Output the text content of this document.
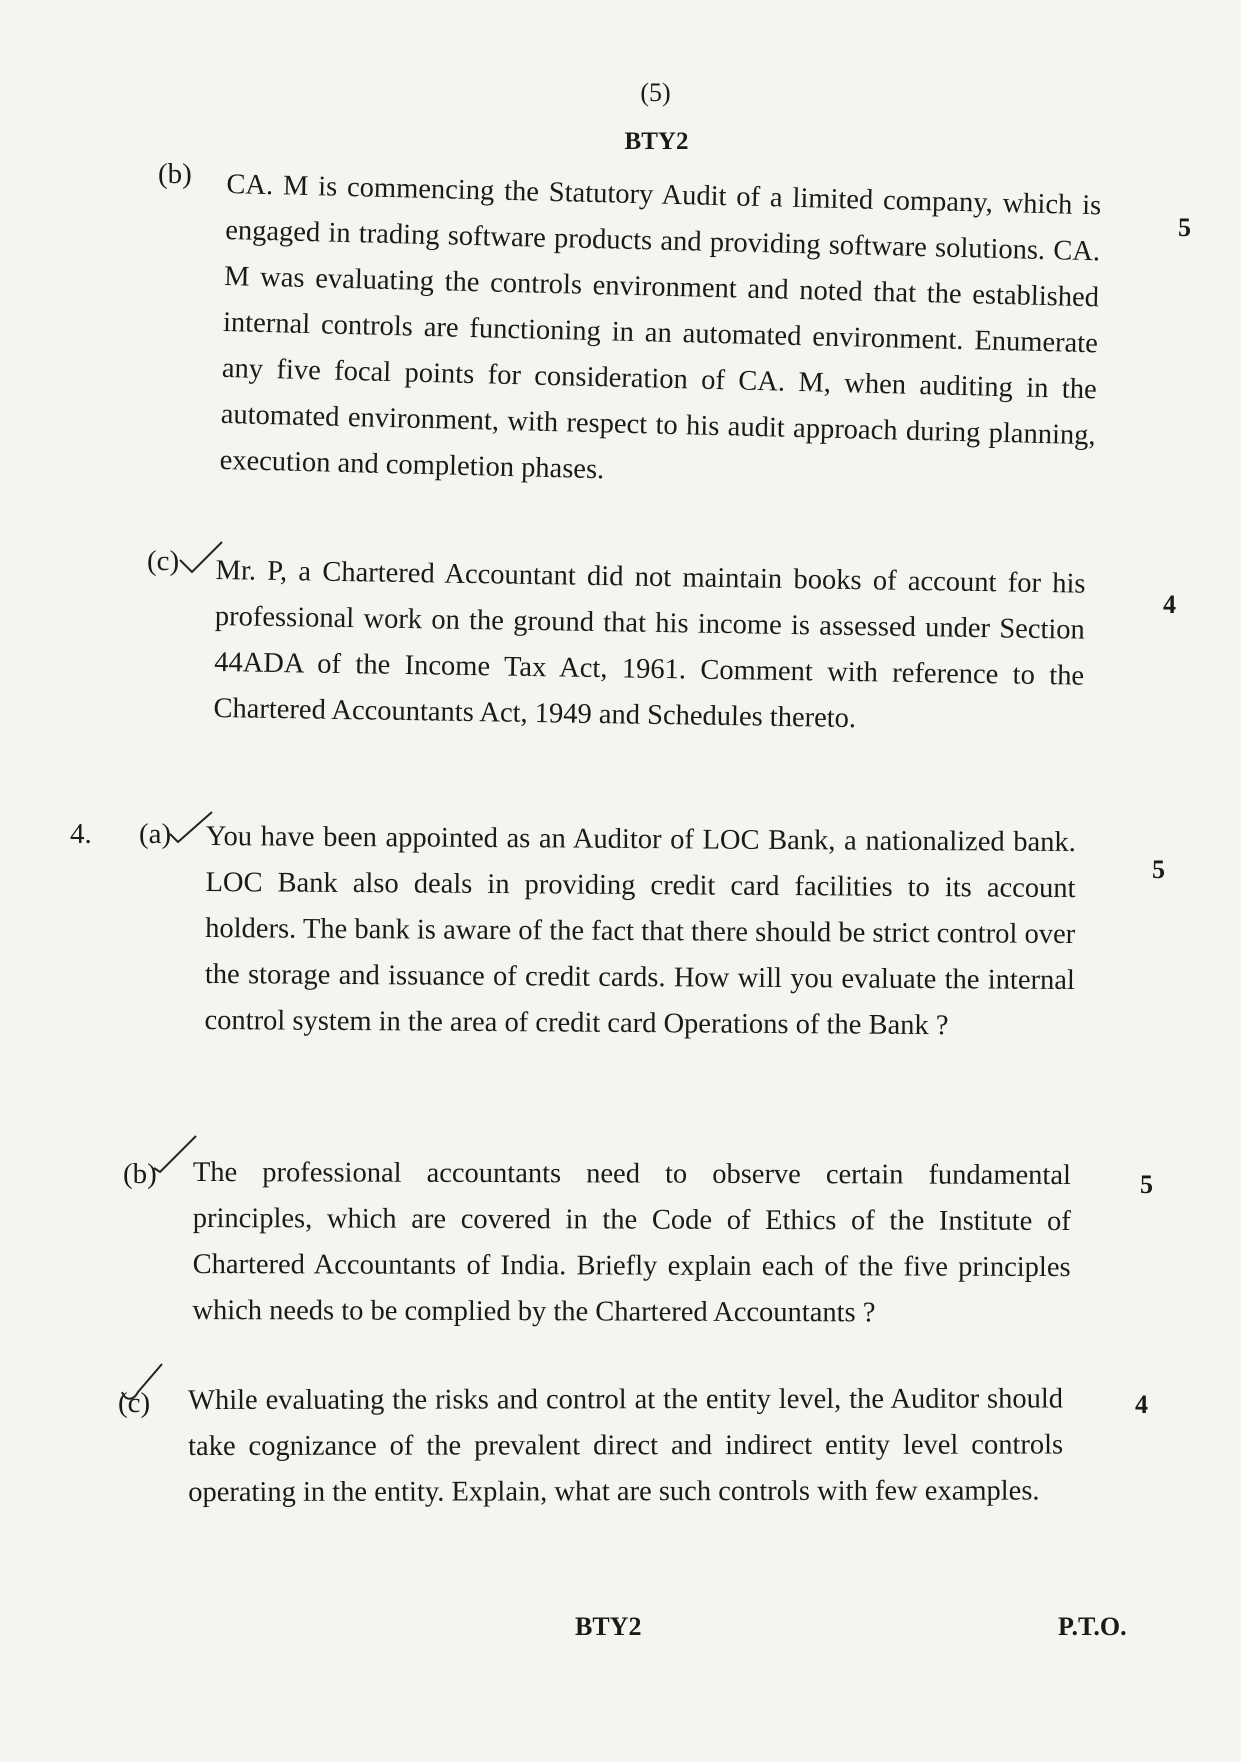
(5)
BTY2
(b) CA. M is commencing the Statutory Audit of a limited company, which is engaged in trading software products and providing software solutions. CA. M was evaluating the controls environment and noted that the established internal controls are functioning in an automated environment. Enumerate any five focal points for consideration of CA. M, when auditing in the automated environment, with respect to his audit approach during planning, execution and completion phases.
5
(c) Mr. P, a Chartered Accountant did not maintain books of account for his professional work on the ground that his income is assessed under Section 44ADA of the Income Tax Act, 1961. Comment with reference to the Chartered Accountants Act, 1949 and Schedules thereto.
4
4. (a) You have been appointed as an Auditor of LOC Bank, a nationalized bank. LOC Bank also deals in providing credit card facilities to its account holders. The bank is aware of the fact that there should be strict control over the storage and issuance of credit cards. How will you evaluate the internal control system in the area of credit card Operations of the Bank ?
5
(b) The professional accountants need to observe certain fundamental principles, which are covered in the Code of Ethics of the Institute of Chartered Accountants of India. Briefly explain each of the five principles which needs to be complied by the Chartered Accountants ?
5
(c) While evaluating the risks and control at the entity level, the Auditor should take cognizance of the prevalent direct and indirect entity level controls operating in the entity. Explain, what are such controls with few examples.
4
BTY2	P.T.O.
